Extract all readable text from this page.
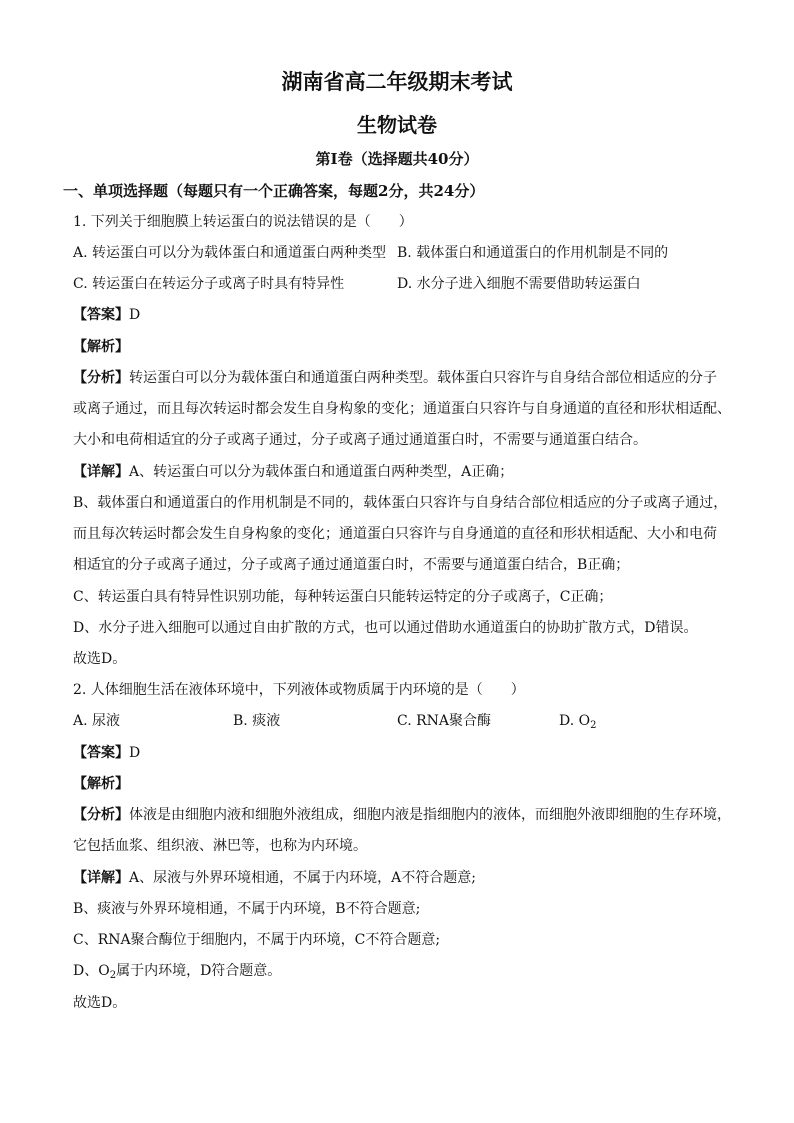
湖南省高二年级期末考试
生物试卷
第I卷（选择题共40分）
一、单项选择题（每题只有一个正确答案，每题2分，共24分）
1. 下列关于细胞膜上转运蛋白的说法错误的是（　　）
A. 转运蛋白可以分为载体蛋白和通道蛋白两种类型 B. 载体蛋白和通道蛋白的作用机制是不同的
C. 转运蛋白在转运分子或离子时具有特异性	D. 水分子进入细胞不需要借助转运蛋白
【答案】D
【解析】
【分析】转运蛋白可以分为载体蛋白和通道蛋白两种类型。载体蛋白只容许与自身结合部位相适应的分子
或离子通过，而且每次转运时都会发生自身构象的变化；通道蛋白只容许与自身通道的直径和形状相适配、
大小和电荷相适宜的分子或离子通过，分子或离子通过通道蛋白时，不需要与通道蛋白结合。
【详解】A、转运蛋白可以分为载体蛋白和通道蛋白两种类型，A正确；
B、载体蛋白和通道蛋白的作用机制是不同的，载体蛋白只容许与自身结合部位相适应的分子或离子通过，
而且每次转运时都会发生自身构象的变化；通道蛋白只容许与自身通道的直径和形状相适配、大小和电荷
相适宜的分子或离子通过，分子或离子通过通道蛋白时，不需要与通道蛋白结合，B正确；
C、转运蛋白具有特异性识别功能，每种转运蛋白只能转运特定的分子或离子，C正确；
D、水分子进入细胞可以通过自由扩散的方式，也可以通过借助水通道蛋白的协助扩散方式，D错误。
故选D。
2. 人体细胞生活在液体环境中，下列液体或物质属于内环境的是（　　）
A. 尿液	B. 痰液	C. RNA聚合酶	D. $O_2$
【答案】D
【解析】
【分析】体液是由细胞内液和细胞外液组成，细胞内液是指细胞内的液体，而细胞外液即细胞的生存环境，
它包括血浆、组织液、淋巴等，也称为内环境。
【详解】A、尿液与外界环境相通，不属于内环境，A不符合题意;
B、痰液与外界环境相通，不属于内环境，B不符合题意;
C、RNA聚合酶位于细胞内，不属于内环境，C不符合题意;
D、$O_2$属于内环境，D符合题意。
故选D。
